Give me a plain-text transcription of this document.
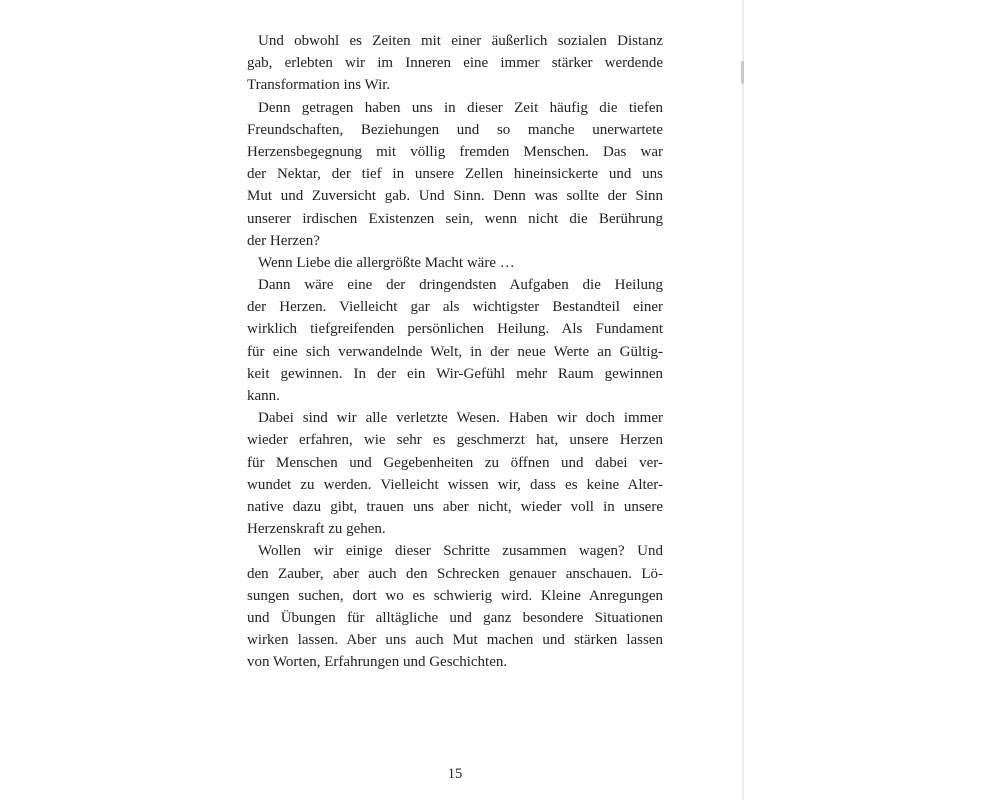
Und obwohl es Zeiten mit einer äußerlich sozialen Distanz
gab, erlebten wir im Inneren eine immer stärker werdende
Transformation ins Wir.
Denn getragen haben uns in dieser Zeit häufig die tiefen
Freundschaften, Beziehungen und so manche unerwartete
Herzensbegegnung mit völlig fremden Menschen. Das war
der Nektar, der tief in unsere Zellen hineinsickerte und uns
Mut und Zuversicht gab. Und Sinn. Denn was sollte der Sinn
unserer irdischen Existenzen sein, wenn nicht die Berührung
der Herzen?
Wenn Liebe die allergrößte Macht wäre …
Dann wäre eine der dringendsten Aufgaben die Heilung
der Herzen. Vielleicht gar als wichtigster Bestandteil einer
wirklich tiefgreifenden persönlichen Heilung. Als Fundament
für eine sich verwandelnde Welt, in der neue Werte an Gültig-
keit gewinnen. In der ein Wir-Gefühl mehr Raum gewinnen
kann.
Dabei sind wir alle verletzte Wesen. Haben wir doch immer
wieder erfahren, wie sehr es geschmerzt hat, unsere Herzen
für Menschen und Gegebenheiten zu öffnen und dabei ver-
wundet zu werden. Vielleicht wissen wir, dass es keine Alter-
native dazu gibt, trauen uns aber nicht, wieder voll in unsere
Herzenskraft zu gehen.
Wollen wir einige dieser Schritte zusammen wagen? Und
den Zauber, aber auch den Schrecken genauer anschauen. Lö-
sungen suchen, dort wo es schwierig wird. Kleine Anregungen
und Übungen für alltägliche und ganz besondere Situationen
wirken lassen. Aber uns auch Mut machen und stärken lassen
von Worten, Erfahrungen und Geschichten.
15
